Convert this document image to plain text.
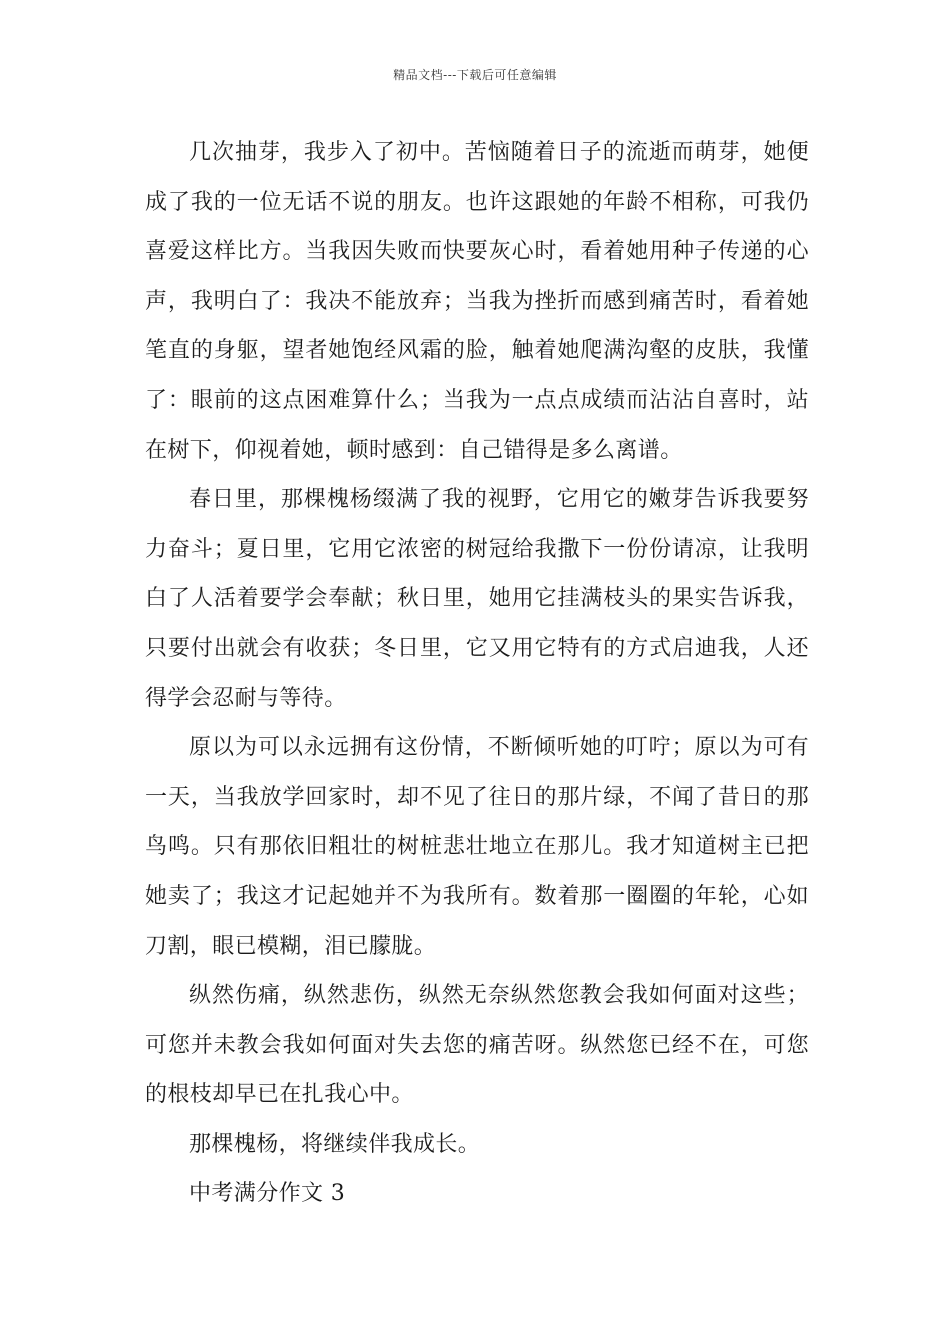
精品文档---下载后可任意编辑

几次抽芽，我步入了初中。苦恼随着日子的流逝而萌芽，她便成了我的一位无话不说的朋友。也许这跟她的年龄不相称，可我仍喜爱这样比方。当我因失败而快要灰心时，看着她用种子传递的心声，我明白了：我决不能放弃；当我为挫折而感到痛苦时，看着她笔直的身躯，望者她饱经风霜的脸，触着她爬满沟壑的皮肤，我懂了：眼前的这点困难算什么；当我为一点点成绩而沾沾自喜时，站在树下，仰视着她，顿时感到：自己错得是多么离谱。

春日里，那棵槐杨缀满了我的视野，它用它的嫩芽告诉我要努力奋斗；夏日里，它用它浓密的树冠给我撒下一份份请凉，让我明白了人活着要学会奉献；秋日里，她用它挂满枝头的果实告诉我，只要付出就会有收获；冬日里，它又用它特有的方式启迪我，人还得学会忍耐与等待。

原以为可以永远拥有这份情，不断倾听她的叮咛；原以为可有一天，当我放学回家时，却不见了往日的那片绿，不闻了昔日的那鸟鸣。只有那依旧粗壮的树桩悲壮地立在那儿。我才知道树主已把她卖了；我这才记起她并不为我所有。数着那一圈圈的年轮，心如刀割，眼已模糊，泪已朦胧。

纵然伤痛，纵然悲伤，纵然无奈纵然您教会我如何面对这些；可您并未教会我如何面对失去您的痛苦呀。纵然您已经不在，可您的根枝却早已在扎我心中。

那棵槐杨，将继续伴我成长。

中考满分作文 3
